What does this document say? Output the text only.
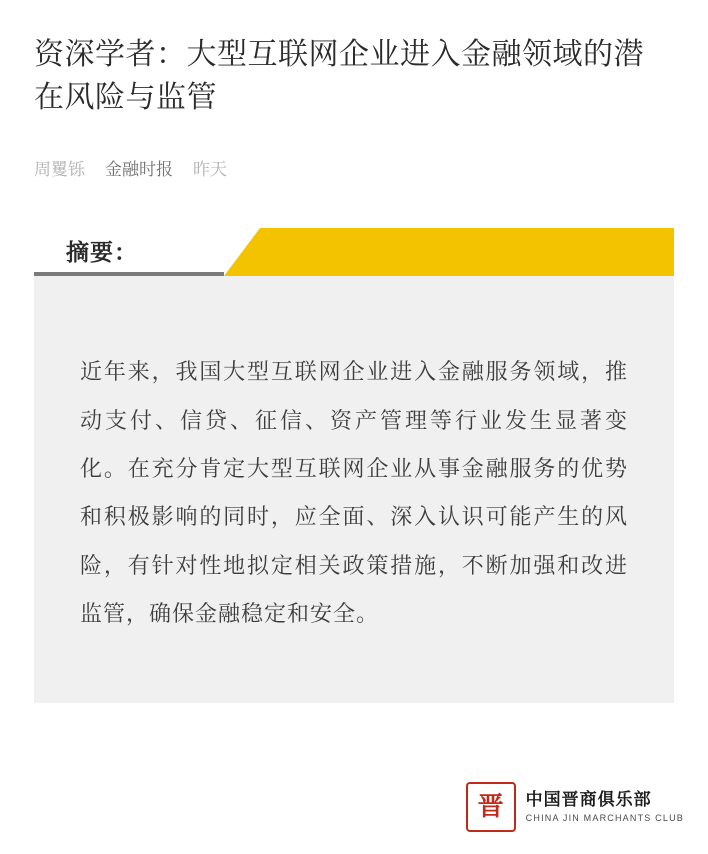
资深学者：大型互联网企业进入金融领域的潜在风险与监管
周矍铄 金融时报 昨天
摘要：

近年来，我国大型互联网企业进入金融服务领域，推动支付、信贷、征信、资产管理等行业发生显著变化。在充分肯定大型互联网企业从事金融服务的优势和积极影响的同时，应全面、深入认识可能产生的风险，有针对性地拟定相关政策措施，不断加强和改进监管，确保金融稳定和安全。

晋	中国晋商俱乐部
CHINA JIN MARCHANTS CLUB
